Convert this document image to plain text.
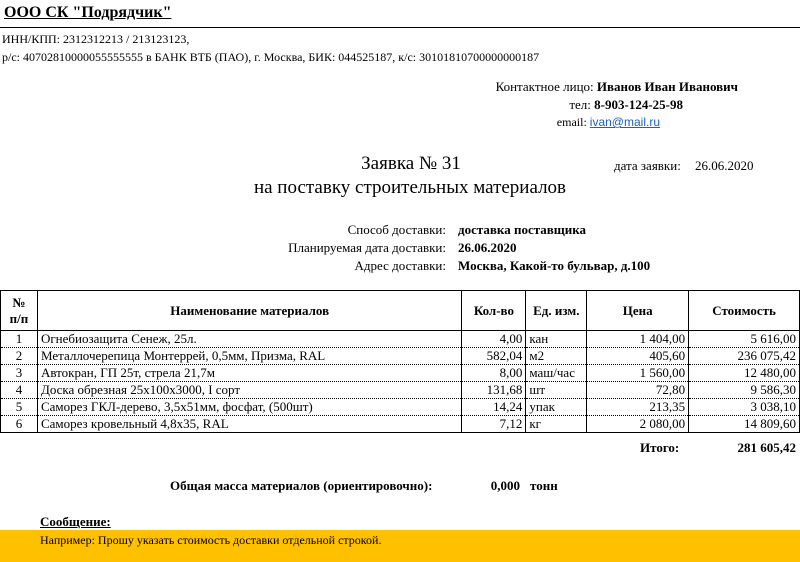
ООО СК "Подрядчик"
ИНН/КПП: 2312312213 / 213123123,
р/с: 40702810000055555555 в БАНК ВТБ (ПАО), г. Москва, БИК: 044525187, к/с: 30101810700000000187
Контактное лицо: Иванов Иван Иванович
тел: 8-903-124-25-98
email: ivan@mail.ru
Заявка № 31
на поставку строительных материалов
дата заявки: 26.06.2020
Способ доставки: доставка поставщика
Планируемая дата доставки: 26.06.2020
Адрес доставки: Москва, Какой-то бульвар, д.100
№
п/п	Наименование материалов	Кол-во	Ед. изм.	Цена	Стоимость
1	Огнебиозащита Сенеж, 25л.	4,00	кан	1 404,00	5 616,00
2	Металлочерепица Монтеррей, 0,5мм, Призма, RAL	582,04	м2	405,60	236 075,42
3	Автокран, ГП 25т, стрела 21,7м	8,00	маш/час	1 560,00	12 480,00
4	Доска обрезная 25х100х3000, I сорт	131,68	шт	72,80	9 586,30
5	Саморез ГКЛ-дерево, 3,5х51мм, фосфат, (500шт)	14,24	упак	213,35	3 038,10
6	Саморез кровельный 4,8х35, RAL	7,12	кг	2 080,00	14 809,60
Итого:	281 605,42
Общая масса материалов (ориентировочно):	0,000 тонн
Сообщение:
Например: Прошу указать стоимость доставки отдельной строкой.
